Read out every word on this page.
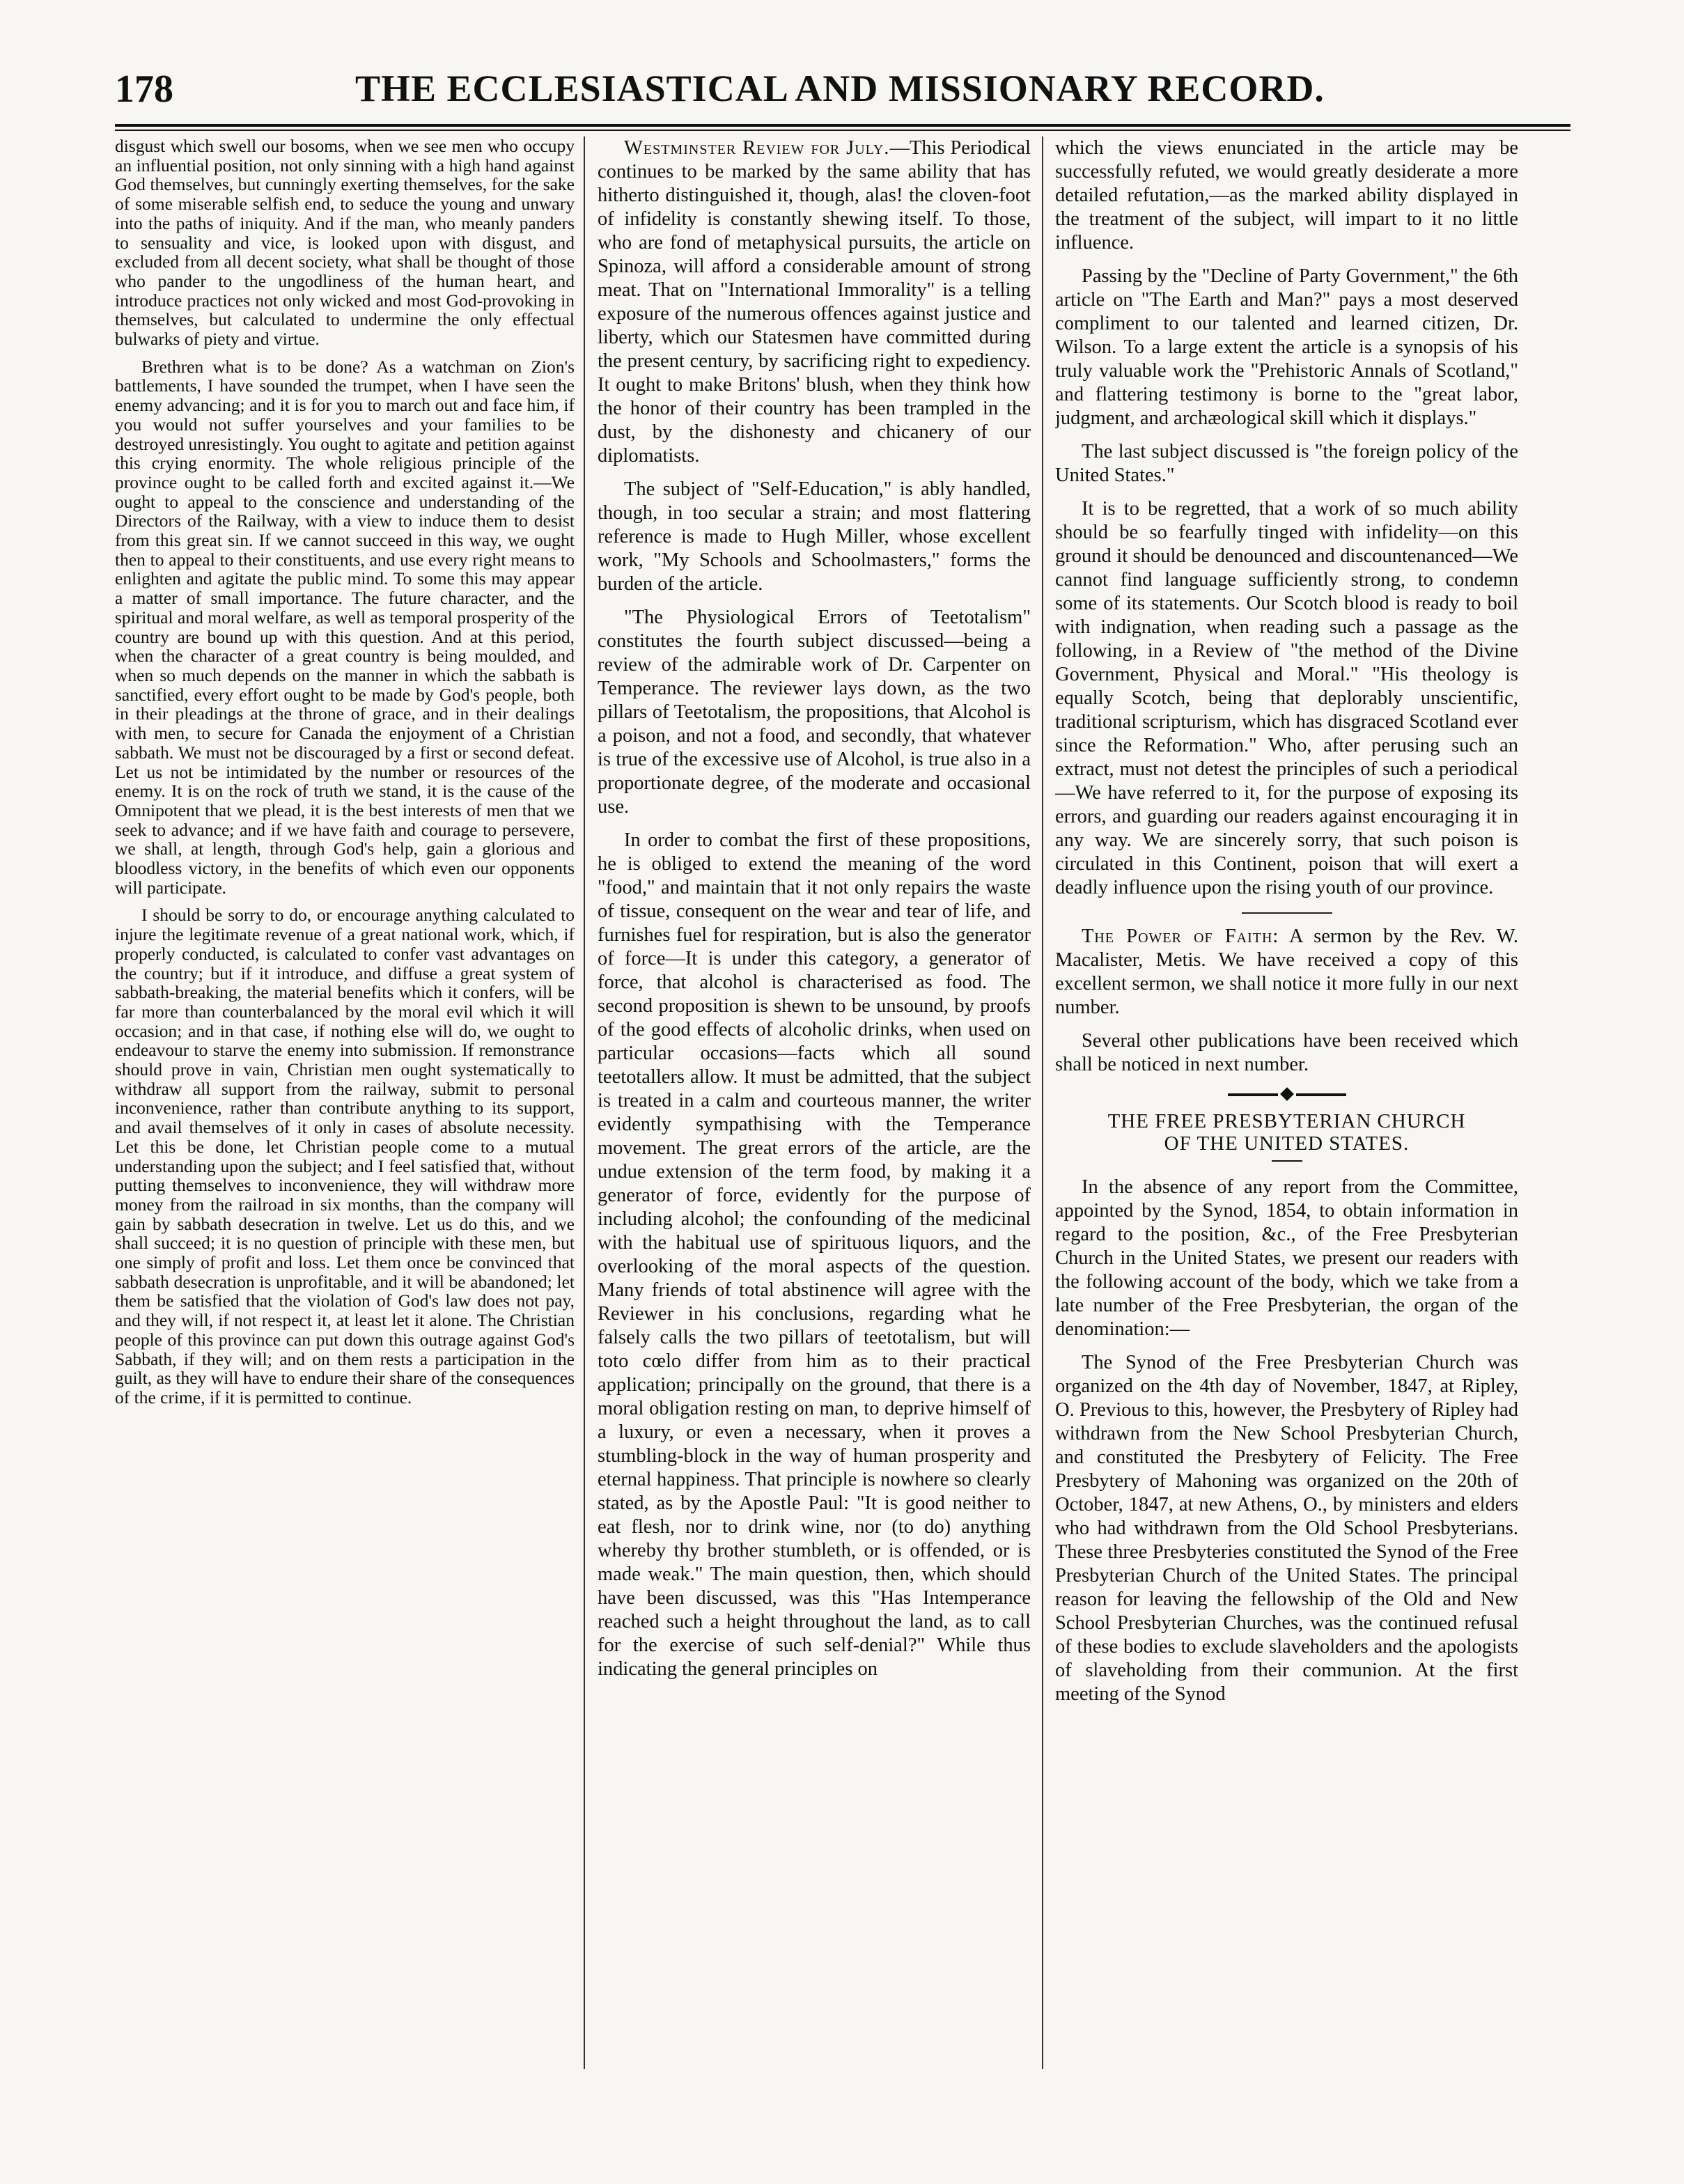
178	THE ECCLESIASTICAL AND MISSIONARY RECORD.

disgust which swell our bosoms, when we see men who occupy an influential position, not only sinning with a high hand against God themselves, but cunningly exerting themselves, for the sake of some miserable selfish end, to seduce the young and unwary into the paths of iniquity. And if the man, who meanly panders to sensuality and vice, is looked upon with disgust, and excluded from all decent society, what shall be thought of those who pander to the ungodliness of the human heart, and introduce practices not only wicked and most God-provoking in themselves, but calculated to undermine the only effectual bulwarks of piety and virtue.

Brethren what is to be done? As a watchman on Zion's battlements, I have sounded the trumpet, when I have seen the enemy advancing; and it is for you to march out and face him, if you would not suffer yourselves and your families to be destroyed unresistingly. You ought to agitate and petition against this crying enormity. The whole religious principle of the province ought to be called forth and excited against it.—We ought to appeal to the conscience and understanding of the Directors of the Railway, with a view to induce them to desist from this great sin. If we cannot succeed in this way, we ought then to appeal to their constituents, and use every right means to enlighten and agitate the public mind. To some this may appear a matter of small importance. The future character, and the spiritual and moral welfare, as well as temporal prosperity of the country are bound up with this question. And at this period, when the character of a great country is being moulded, and when so much depends on the manner in which the sabbath is sanctified, every effort ought to be made by God's people, both in their pleadings at the throne of grace, and in their dealings with men, to secure for Canada the enjoyment of a Christian sabbath. We must not be discouraged by a first or second defeat. Let us not be intimidated by the number or resources of the enemy. It is on the rock of truth we stand, it is the cause of the Omnipotent that we plead, it is the best interests of men that we seek to advance; and if we have faith and courage to persevere, we shall, at length, through God's help, gain a glorious and bloodless victory, in the benefits of which even our opponents will participate.

I should be sorry to do, or encourage anything calculated to injure the legitimate revenue of a great national work, which, if properly conducted, is calculated to confer vast advantages on the country; but if it introduce, and diffuse a great system of sabbath-breaking, the material benefits which it confers, will be far more than counterbalanced by the moral evil which it will occasion; and in that case, if nothing else will do, we ought to endeavour to starve the enemy into submission. If remonstrance should prove in vain, Christian men ought systematically to withdraw all support from the railway, submit to personal inconvenience, rather than contribute anything to its support, and avail themselves of it only in cases of absolute necessity. Let this be done, let Christian people come to a mutual understanding upon the subject; and I feel satisfied that, without putting themselves to inconvenience, they will withdraw more money from the railroad in six months, than the company will gain by sabbath desecration in twelve. Let us do this, and we shall succeed; it is no question of principle with these men, but one simply of profit and loss. Let them once be convinced that sabbath desecration is unprofitable, and it will be abandoned; let them be satisfied that the violation of God's law does not pay, and they will, if not respect it, at least let it alone. The Christian people of this province can put down this outrage against God's Sabbath, if they will; and on them rests a participation in the guilt, as they will have to endure their share of the consequences of the crime, if it is permitted to continue.

Westminster Review for July.—This Periodical continues to be marked by the same ability that has hitherto distinguished it, though, alas! the cloven-foot of infidelity is constantly shewing itself. To those, who are fond of metaphysical pursuits, the article on Spinoza, will afford a considerable amount of strong meat. That on "International Immorality" is a telling exposure of the numerous offences against justice and liberty, which our Statesmen have committed during the present century, by sacrificing right to expediency. It ought to make Britons' blush, when they think how the honor of their country has been trampled in the dust, by the dishonesty and chicanery of our diplomatists.

The subject of "Self-Education," is ably handled, though, in too secular a strain; and most flattering reference is made to Hugh Miller, whose excellent work, "My Schools and Schoolmasters," forms the burden of the article.

"The Physiological Errors of Teetotalism" constitutes the fourth subject discussed—being a review of the admirable work of Dr. Carpenter on Temperance. The reviewer lays down, as the two pillars of Teetotalism, the propositions, that Alcohol is a poison, and not a food, and secondly, that whatever is true of the excessive use of Alcohol, is true also in a proportionate degree, of the moderate and occasional use.

In order to combat the first of these propositions, he is obliged to extend the meaning of the word "food," and maintain that it not only repairs the waste of tissue, consequent on the wear and tear of life, and furnishes fuel for respiration, but is also the generator of force—It is under this category, a generator of force, that alcohol is characterised as food. The second proposition is shewn to be unsound, by proofs of the good effects of alcoholic drinks, when used on particular occasions—facts which all sound teetotallers allow. It must be admitted, that the subject is treated in a calm and courteous manner, the writer evidently sympathising with the Temperance movement. The great errors of the article, are the undue extension of the term food, by making it a generator of force, evidently for the purpose of including alcohol; the confounding of the medicinal with the habitual use of spirituous liquors, and the overlooking of the moral aspects of the question. Many friends of total abstinence will agree with the Reviewer in his conclusions, regarding what he falsely calls the two pillars of teetotalism, but will toto cœlo differ from him as to their practical application; principally on the ground, that there is a moral obligation resting on man, to deprive himself of a luxury, or even a necessary, when it proves a stumbling-block in the way of human prosperity and eternal happiness. That principle is nowhere so clearly stated, as by the Apostle Paul: "It is good neither to eat flesh, nor to drink wine, nor (to do) anything whereby thy brother stumbleth, or is offended, or is made weak." The main question, then, which should have been discussed, was this "Has Intemperance reached such a height throughout the land, as to call for the exercise of such self-denial?" While thus indicating the general principles on

which the views enunciated in the article may be successfully refuted, we would greatly desiderate a more detailed refutation,—as the marked ability displayed in the treatment of the subject, will impart to it no little influence.

Passing by the "Decline of Party Government," the 6th article on "The Earth and Man?" pays a most deserved compliment to our talented and learned citizen, Dr. Wilson. To a large extent the article is a synopsis of his truly valuable work the "Prehistoric Annals of Scotland," and flattering testimony is borne to the "great labor, judgment, and archæological skill which it displays."

The last subject discussed is "the foreign policy of the United States."

It is to be regretted, that a work of so much ability should be so fearfully tinged with infidelity—on this ground it should be denounced and discountenanced—We cannot find language sufficiently strong, to condemn some of its statements. Our Scotch blood is ready to boil with indignation, when reading such a passage as the following, in a Review of "the method of the Divine Government, Physical and Moral." "His theology is equally Scotch, being that deplorably unscientific, traditional scripturism, which has disgraced Scotland ever since the Reformation." Who, after perusing such an extract, must not detest the principles of such a periodical—We have referred to it, for the purpose of exposing its errors, and guarding our readers against encouraging it in any way. We are sincerely sorry, that such poison is circulated in this Continent, poison that will exert a deadly influence upon the rising youth of our province.

The Power of Faith: A sermon by the Rev. W. Macalister, Metis. We have received a copy of this excellent sermon, we shall notice it more fully in our next number.

Several other publications have been received which shall be noticed in next number.

THE FREE PRESBYTERIAN CHURCH
OF THE UNITED STATES.

In the absence of any report from the Committee, appointed by the Synod, 1854, to obtain information in regard to the position, &c., of the Free Presbyterian Church in the United States, we present our readers with the following account of the body, which we take from a late number of the Free Presbyterian, the organ of the denomination:—

The Synod of the Free Presbyterian Church was organized on the 4th day of November, 1847, at Ripley, O. Previous to this, however, the Presbytery of Ripley had withdrawn from the New School Presbyterian Church, and constituted the Presbytery of Felicity. The Free Presbytery of Mahoning was organized on the 20th of October, 1847, at new Athens, O., by ministers and elders who had withdrawn from the Old School Presbyterians. These three Presbyteries constituted the Synod of the Free Presbyterian Church of the United States. The principal reason for leaving the fellowship of the Old and New School Presbyterian Churches, was the continued refusal of these bodies to exclude slaveholders and the apologists of slaveholding from their communion. At the first meeting of the Synod
